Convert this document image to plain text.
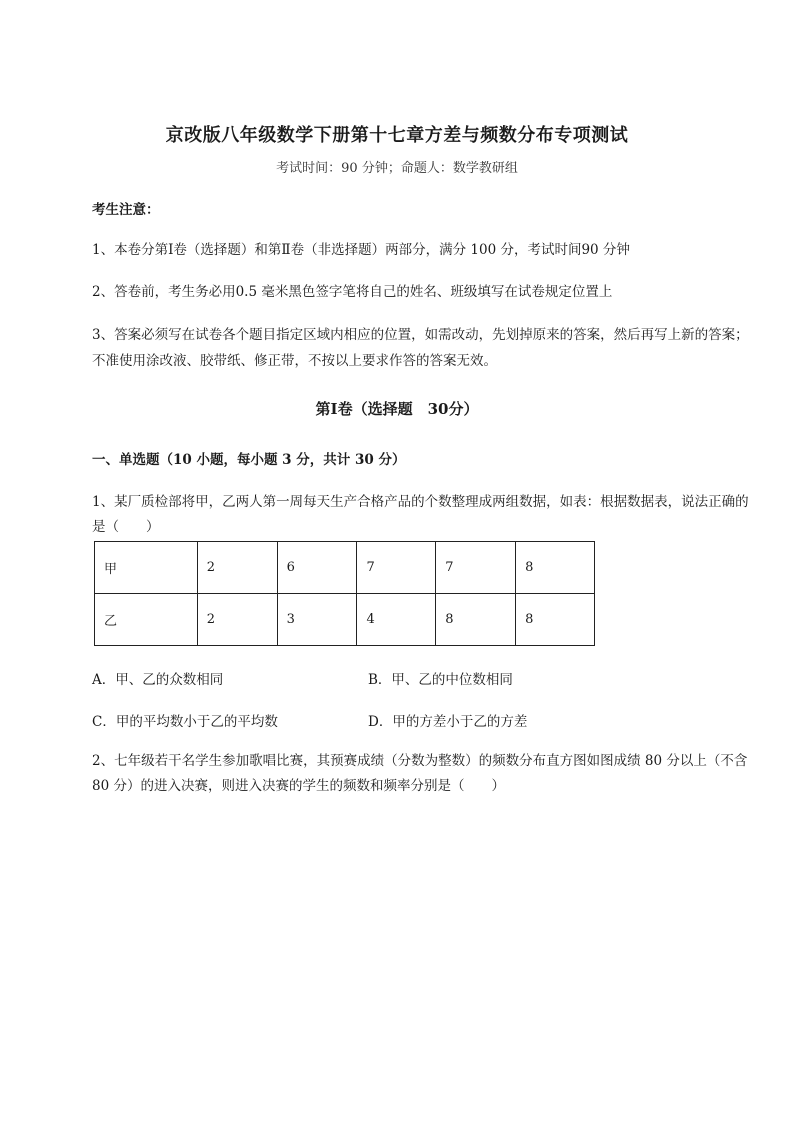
京改版八年级数学下册第十七章方差与频数分布专项测试
考试时间：90 分钟；命题人：数学教研组
考生注意：
1、本卷分第Ⅰ卷（选择题）和第Ⅱ卷（非选择题）两部分，满分 100 分，考试时间90 分钟
2、答卷前，考生务必用0.5 毫米黑色签字笔将自己的姓名、班级填写在试卷规定位置上
3、答案必须写在试卷各个题目指定区域内相应的位置，如需改动，先划掉原来的答案，然后再写上新的答案；不准使用涂改液、胶带纸、修正带，不按以上要求作答的答案无效。
第Ⅰ卷（选择题　30分）
一、单选题（10 小题，每小题 3 分，共计 30 分）
1、某厂质检部将甲，乙两人第一周每天生产合格产品的个数整理成两组数据，如表：根据数据表，说法正确的是（　　）
甲	2	6	7	7	8
乙	2	3	4	8	8
A．甲、乙的众数相同	B．甲、乙的中位数相同
C．甲的平均数小于乙的平均数	D．甲的方差小于乙的方差
2、七年级若干名学生参加歌唱比赛，其预赛成绩（分数为整数）的频数分布直方图如图成绩 80 分以上（不含 80 分）的进入决赛，则进入决赛的学生的频数和频率分别是（　　）
